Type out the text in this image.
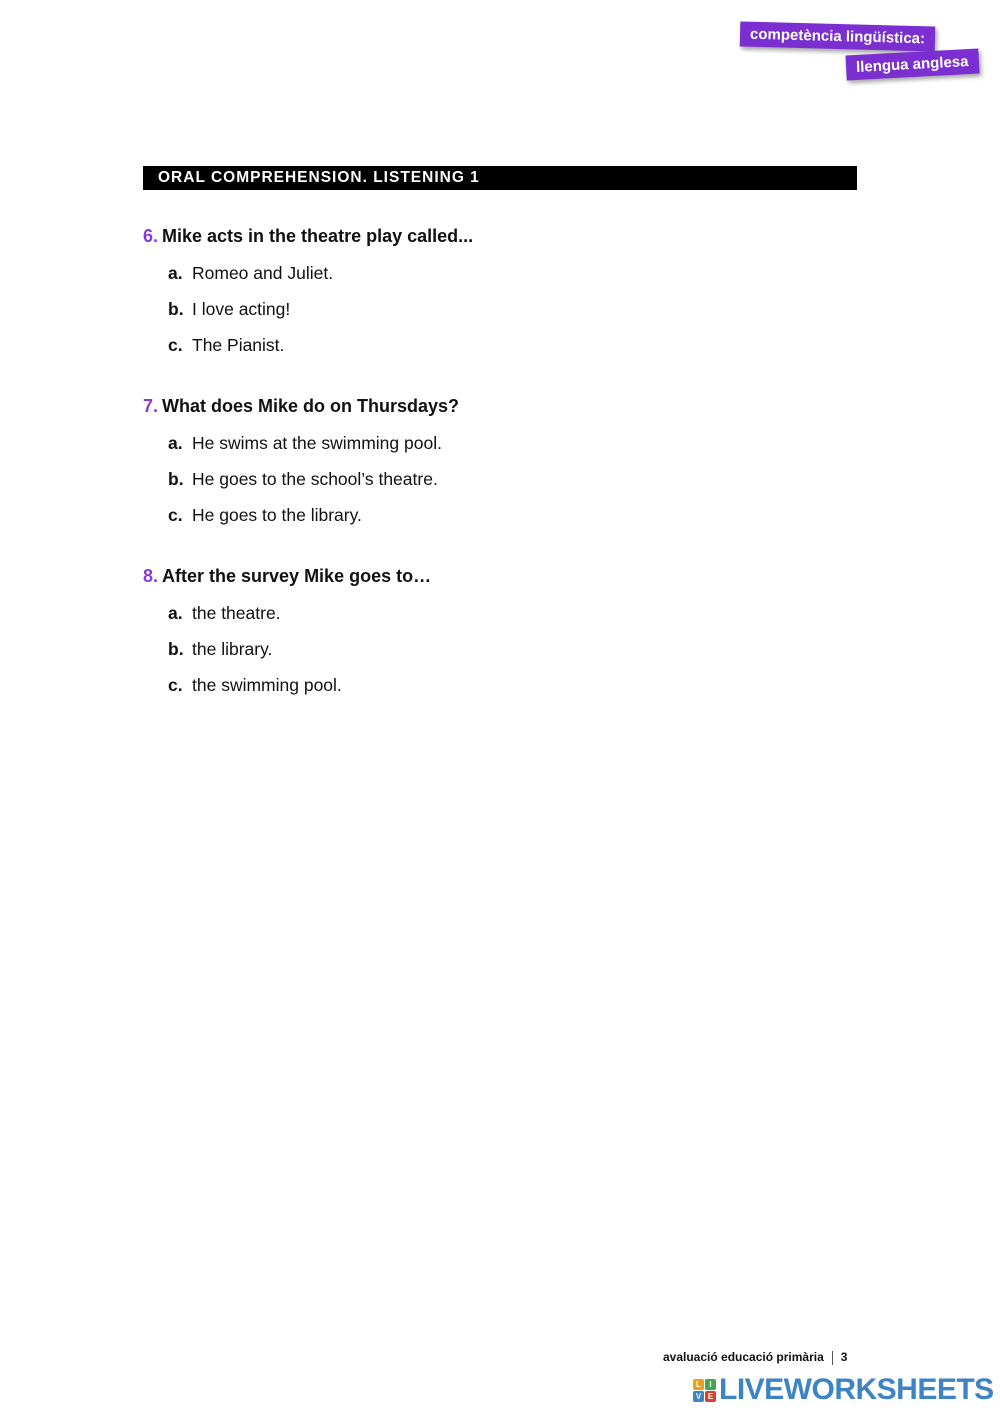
competència lingüística:
llengua anglesa
ORAL COMPREHENSION. LISTENING 1
6. Mike acts in the theatre play called...
a. Romeo and Juliet.
b. I love acting!
c. The Pianist.
7. What does Mike do on Thursdays?
a. He swims at the swimming pool.
b. He goes to the school’s theatre.
c. He goes to the library.
8. After the survey Mike goes to…
a. the theatre.
b. the library.
c. the swimming pool.
avaluació educació primària 3
L	I
V E LIVEWORKSHEETS
